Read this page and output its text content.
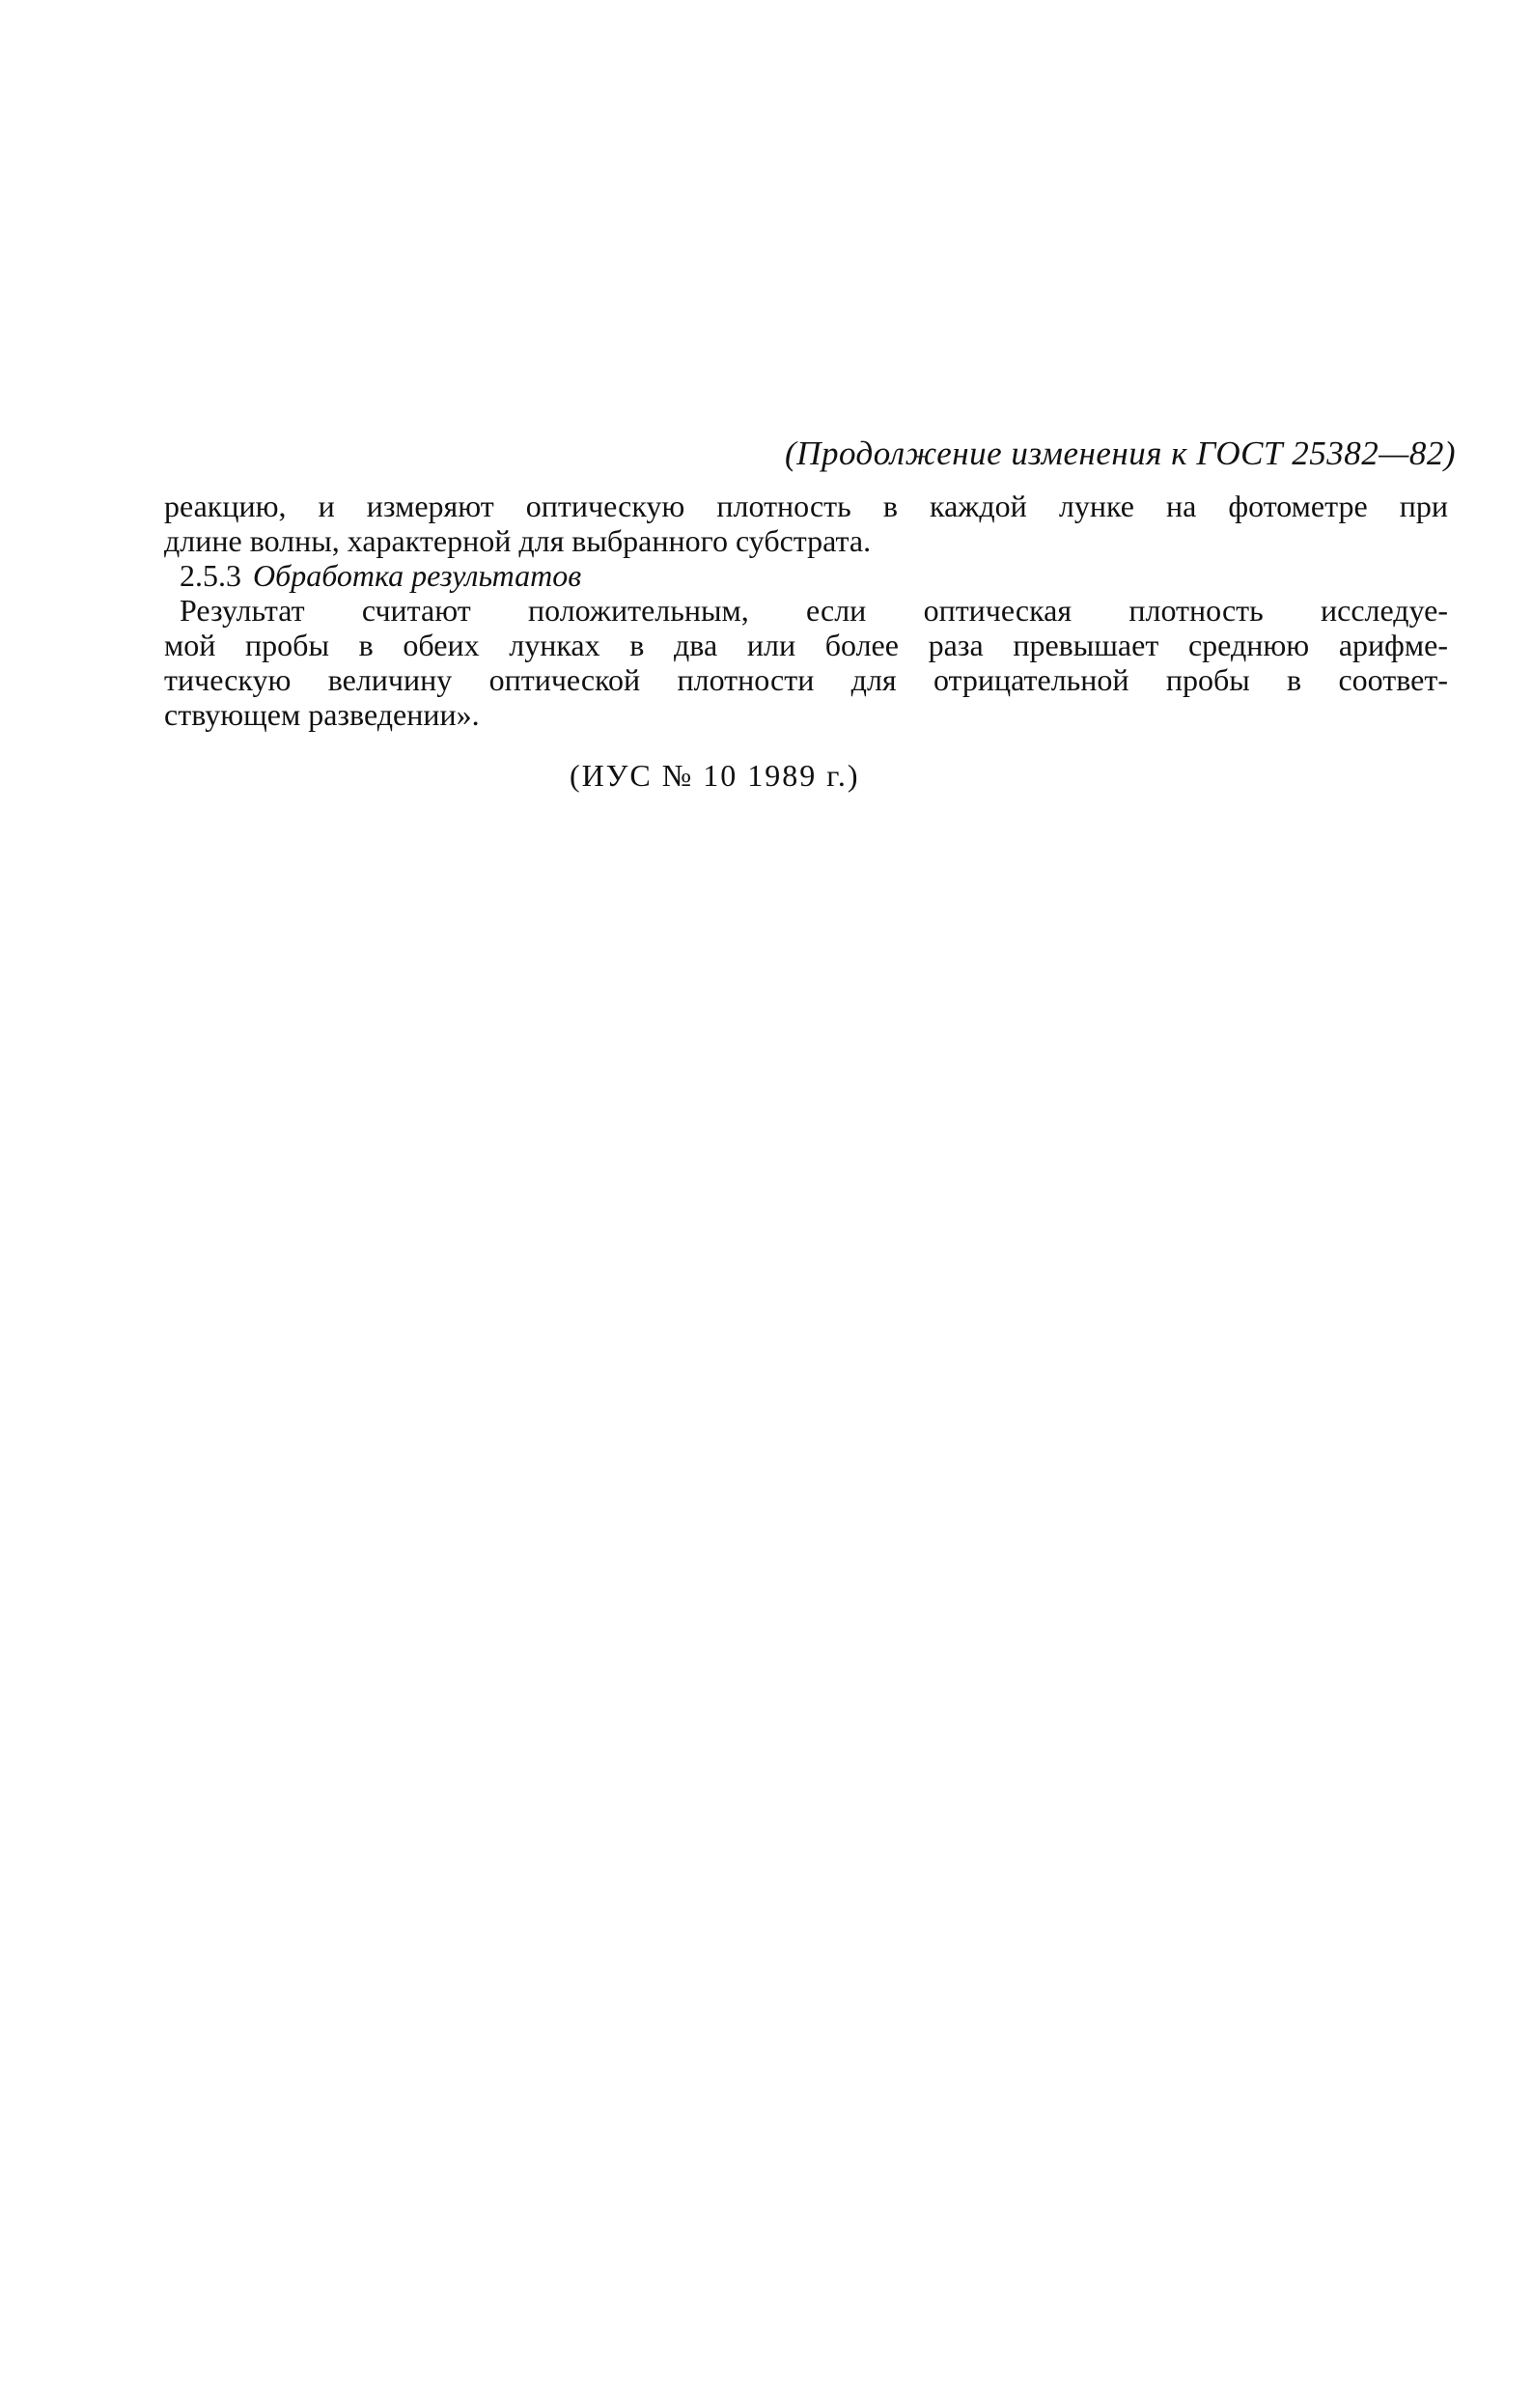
(Продолжение изменения к ГОСТ 25382—82)
реакцию, и измеряют оптическую плотность в каждой лунке на фотометре при
длине волны, характерной для выбранного субстрата.
2.5.3 Обработка результатов
Результат считают положительным, если оптическая плотность исследуе-
мой пробы в обеих лунках в два или более раза превышает среднюю арифме-
тическую величину оптической плотности для отрицательной пробы в соответ-
ствующем разведении».
(ИУС № 10 1989 г.)
